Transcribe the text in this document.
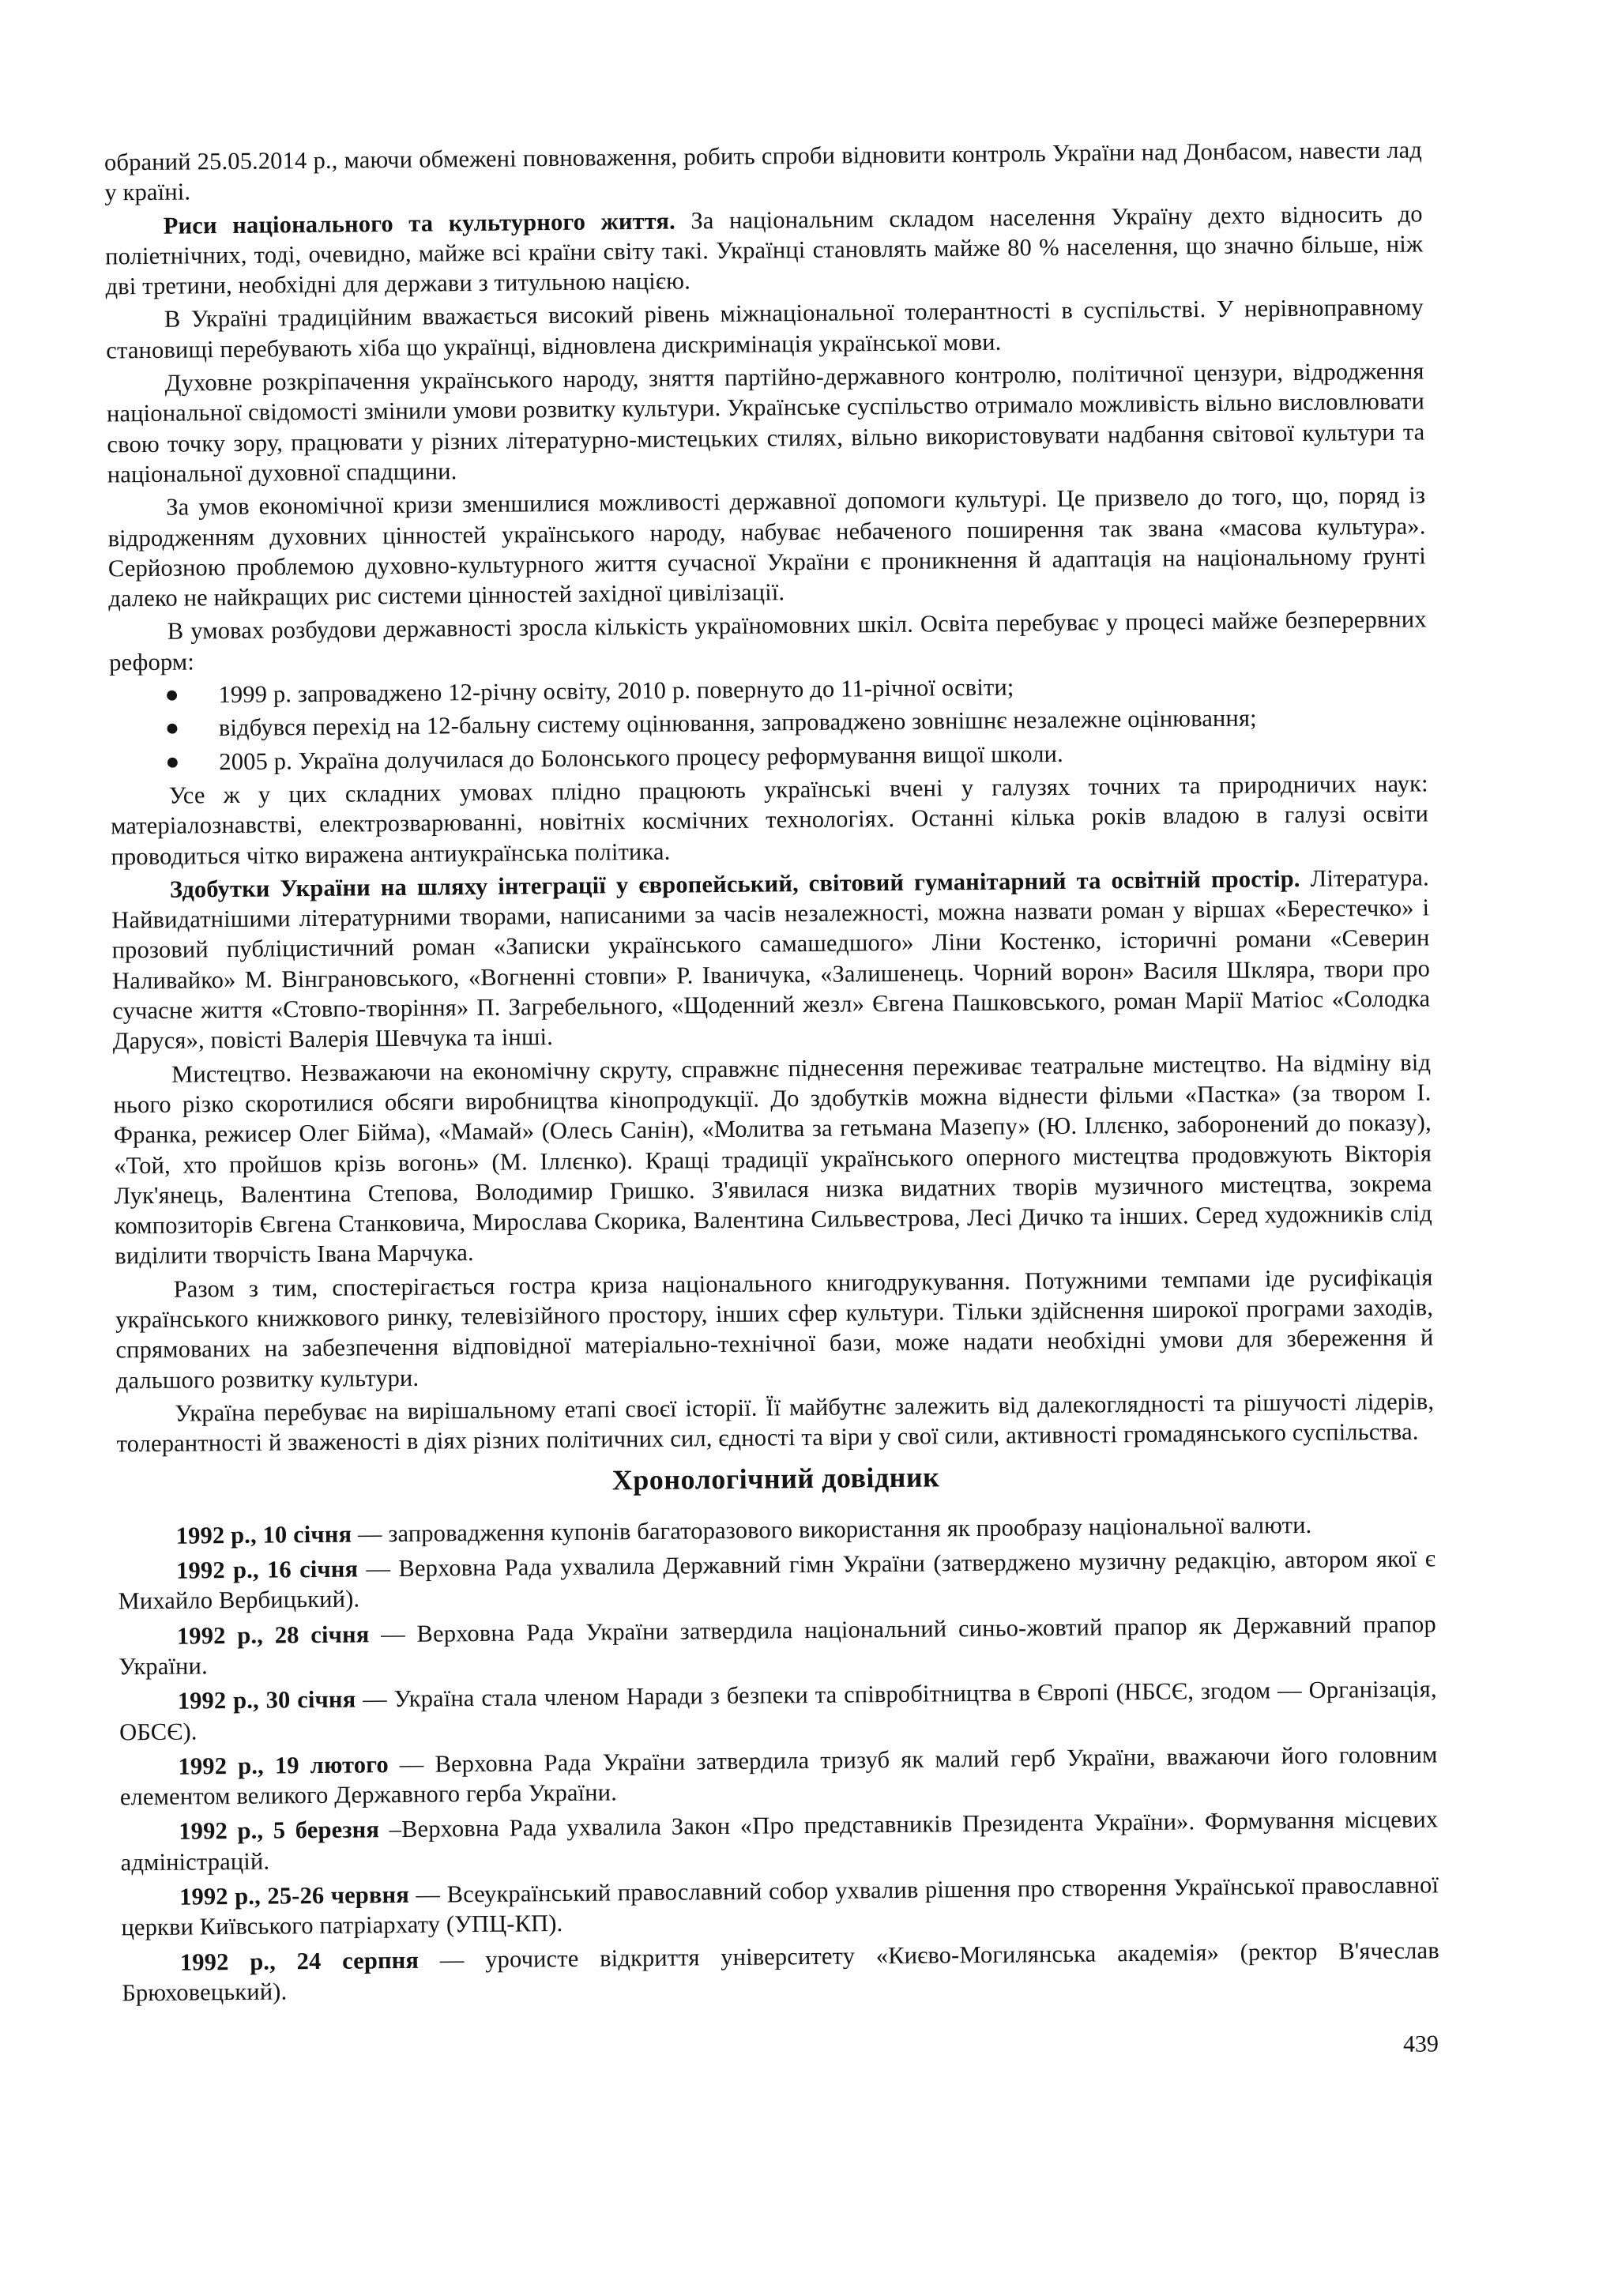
обраний 25.05.2014 р., маючи обмежені повноваження, робить спроби відновити контроль України над Донбасом, навести лад у країні.

Риси національного та культурного життя. За національним складом населення Україну дехто відносить до поліетнічних, тоді, очевидно, майже всі країни світу такі. Українці становлять майже 80 % населення, що значно більше, ніж дві третини, необхідні для держави з титульною нацією.

В Україні традиційним вважається високий рівень міжнаціональної толерантності в суспільстві. У нерівноправному становищі перебувають хіба що українці, відновлена дискримінація української мови.

Духовне розкріпачення українського народу, зняття партійно-державного контролю, політичної цензури, відродження національної свідомості змінили умови розвитку культури. Українське суспільство отримало можливість вільно висловлювати свою точку зору, працювати у різних літературно-мистецьких стилях, вільно використовувати надбання світової культури та національної духовної спадщини.

За умов економічної кризи зменшилися можливості державної допомоги культурі. Це призвело до того, що, поряд із відродженням духовних цінностей українського народу, набуває небаченого поширення так звана «масова культура». Серйозною проблемою духовно-культурного життя сучасної України є проникнення й адаптація на національному ґрунті далеко не найкращих рис системи цінностей західної цивілізації.

В умовах розбудови державності зросла кількість україномовних шкіл. Освіта перебуває у процесі майже безперервних реформ:

● 1999 р. запроваджено 12-річну освіту, 2010 р. повернуто до 11-річної освіти;
● відбувся перехід на 12-бальну систему оцінювання, запроваджено зовнішнє незалежне оцінювання;
● 2005 р. Україна долучилася до Болонського процесу реформування вищої школи.

Усе ж у цих складних умовах плідно працюють українські вчені у галузях точних та природничих наук: матеріалознавстві, електрозварюванні, новітніх космічних технологіях. Останні кілька років владою в галузі освіти проводиться чітко виражена антиукраїнська політика.

Здобутки України на шляху інтеграції у європейський, світовий гуманітарний та освітній простір. Література. Найвидатнішими літературними творами, написаними за часів незалежності, можна назвати роман у віршах «Берестечко» і прозовий публіцистичний роман «Записки українського самашедшого» Ліни Костенко, історичні романи «Северин Наливайко» М. Вінграновського, «Вогненні стовпи» Р. Іваничука, «Залишенець. Чорний ворон» Василя Шкляра, твори про сучасне життя «Стовпо-творіння» П. Загребельного, «Щоденний жезл» Євгена Пашковського, роман Марії Матіос «Солодка Даруся», повісті Валерія Шевчука та інші.

Мистецтво. Незважаючи на економічну скруту, справжнє піднесення переживає театральне мистецтво. На відміну від нього різко скоротилися обсяги виробництва кінопродукції. До здобутків можна віднести фільми «Пастка» (за твором І. Франка, режисер Олег Бійма), «Мамай» (Олесь Санін), «Молитва за гетьмана Мазепу» (Ю. Іллєнко, заборонений до показу), «Той, хто пройшов крізь вогонь» (М. Іллєнко). Кращі традиції українського оперного мистецтва продовжують Вікторія Лук'янець, Валентина Степова, Володимир Гришко. З'явилася низка видатних творів музичного мистецтва, зокрема композиторів Євгена Станковича, Мирослава Скорика, Валентина Сильвестрова, Лесі Дичко та інших. Серед художників слід виділити творчість Івана Марчука.

Разом з тим, спостерігається гостра криза національного книгодрукування. Потужними темпами іде русифікація українського книжкового ринку, телевізійного простору, інших сфер культури. Тільки здійснення широкої програми заходів, спрямованих на забезпечення відповідної матеріально-технічної бази, може надати необхідні умови для збереження й дальшого розвитку культури.

Україна перебуває на вирішальному етапі своєї історії. Її майбутнє залежить від далекоглядності та рішучості лідерів, толерантності й зваженості в діях різних політичних сил, єдності та віри у свої сили, активності громадянського суспільства.

Хронологічний довідник

1992 р., 10 січня — запровадження купонів багаторазового використання як прообразу національної валюти.

1992 р., 16 січня — Верховна Рада ухвалила Державний гімн України (затверджено музичну редакцію, автором якої є Михайло Вербицький).

1992 р., 28 січня — Верховна Рада України затвердила національний синьо-жовтий прапор як Державний прапор України.

1992 р., 30 січня — Україна стала членом Наради з безпеки та співробітництва в Європі (НБСЄ, згодом — Організація, ОБСЄ).

1992 р., 19 лютого — Верховна Рада України затвердила тризуб як малий герб України, вважаючи його головним елементом великого Державного герба України.

1992 р., 5 березня –Верховна Рада ухвалила Закон «Про представників Президента України». Формування місцевих адміністрацій.

1992 р., 25-26 червня — Всеукраїнський православний собор ухвалив рішення про створення Української православної церкви Київського патріархату (УПЦ-КП).

1992 р., 24 серпня — урочисте відкриття університету «Києво-Могилянська академія» (ректор В'ячеслав Брюховецький).

439
